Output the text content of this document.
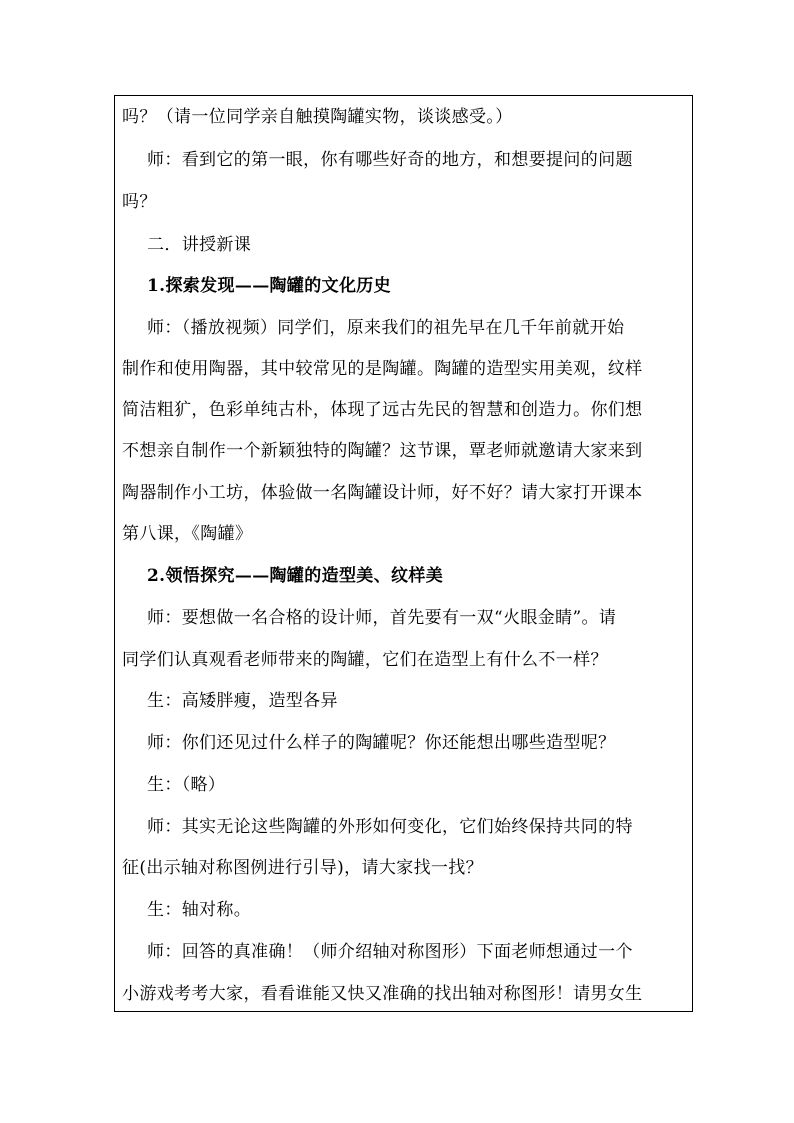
吗？（请一位同学亲自触摸陶罐实物，谈谈感受。）
师：看到它的第一眼，你有哪些好奇的地方，和想要提问的问题
吗？
二．讲授新课
1.探索发现——陶罐的文化历史
师：（播放视频）同学们，原来我们的祖先早在几千年前就开始
制作和使用陶器，其中较常见的是陶罐。陶罐的造型实用美观，纹样
简洁粗犷，色彩单纯古朴，体现了远古先民的智慧和创造力。你们想
不想亲自制作一个新颖独特的陶罐？这节课，覃老师就邀请大家来到
陶器制作小工坊，体验做一名陶罐设计师，好不好？请大家打开课本
第八课，《陶罐》
2.领悟探究——陶罐的造型美、纹样美
师：要想做一名合格的设计师，首先要有一双“火眼金睛”。请
同学们认真观看老师带来的陶罐，它们在造型上有什么不一样？
生：高矮胖瘦，造型各异
师：你们还见过什么样子的陶罐呢？你还能想出哪些造型呢？
生：（略）
师：其实无论这些陶罐的外形如何变化，它们始终保持共同的特
征(出示轴对称图例进行引导)，请大家找一找？
生：轴对称。
师：回答的真准确！（师介绍轴对称图形）下面老师想通过一个
小游戏考考大家，看看谁能又快又准确的找出轴对称图形！请男女生
